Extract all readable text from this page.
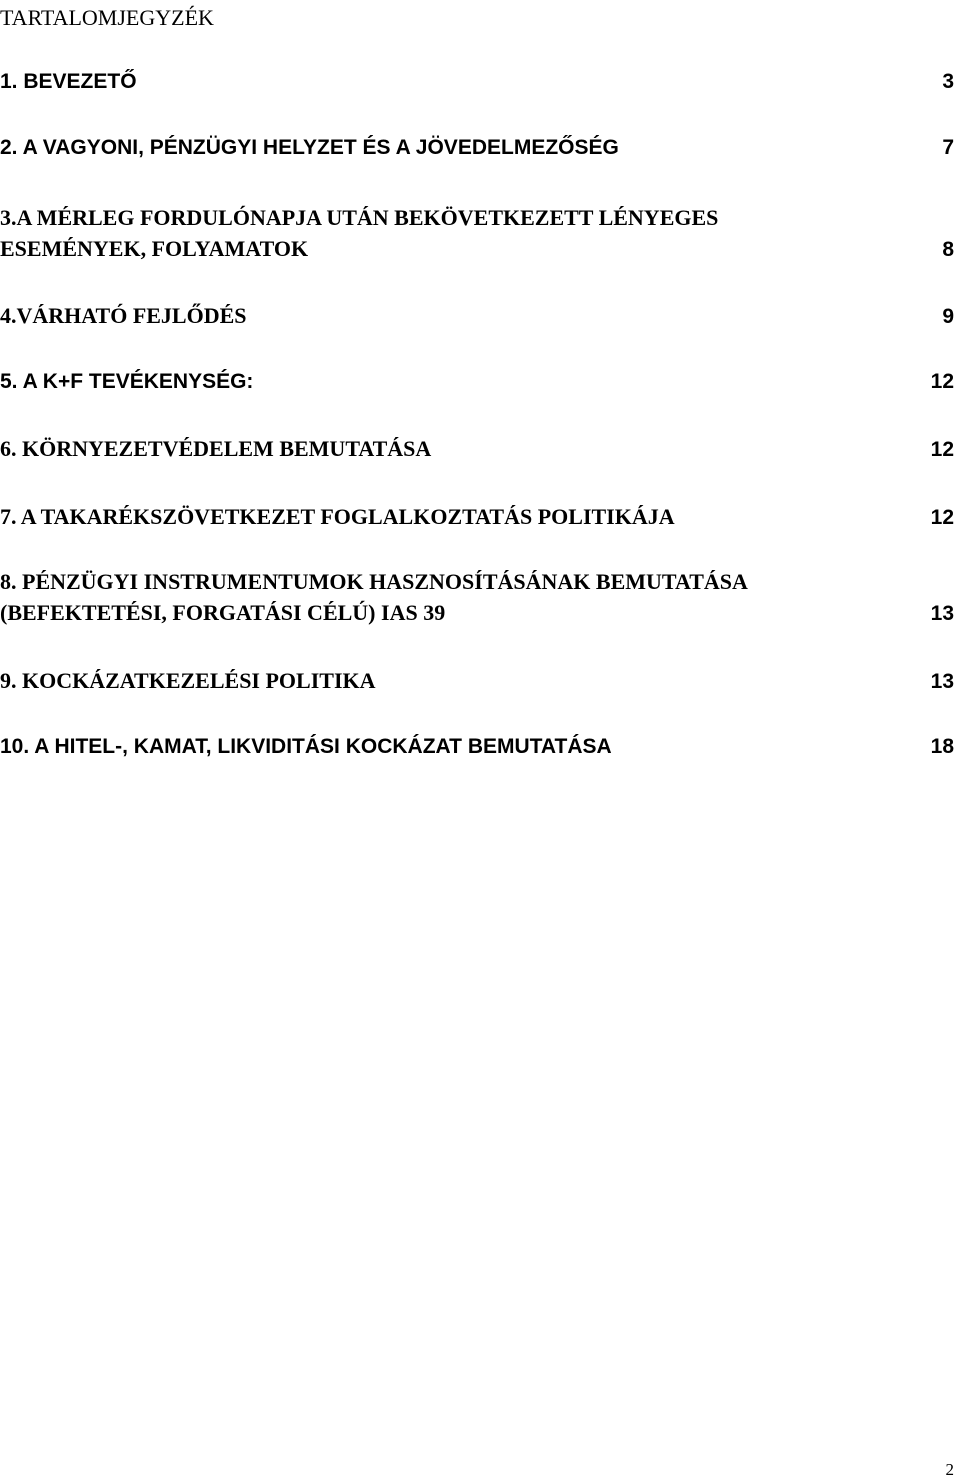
TARTALOMJEGYZÉK
1. BEVEZETŐ	3
2. A VAGYONI, PÉNZÜGYI HELYZET ÉS A JÖVEDELMEZŐSÉG	7
3.A MÉRLEG FORDULÓNAPJA UTÁN BEKÖVETKEZETT LÉNYEGES
ESEMÉNYEK, FOLYAMATOK	8
4.VÁRHATÓ FEJLŐDÉS	9
5. A K+F TEVÉKENYSÉG:	12
6. KÖRNYEZETVÉDELEM BEMUTATÁSA	12
7. A TAKARÉKSZÖVETKEZET FOGLALKOZTATÁS POLITIKÁJA	12
8. PÉNZÜGYI INSTRUMENTUMOK HASZNOSÍTÁSÁNAK BEMUTATÁSA
(BEFEKTETÉSI, FORGATÁSI CÉLÚ) IAS 39	13
9. KOCKÁZATKEZELÉSI POLITIKA	13
10. A HITEL-, KAMAT, LIKVIDITÁSI KOCKÁZAT BEMUTATÁSA	18
2
